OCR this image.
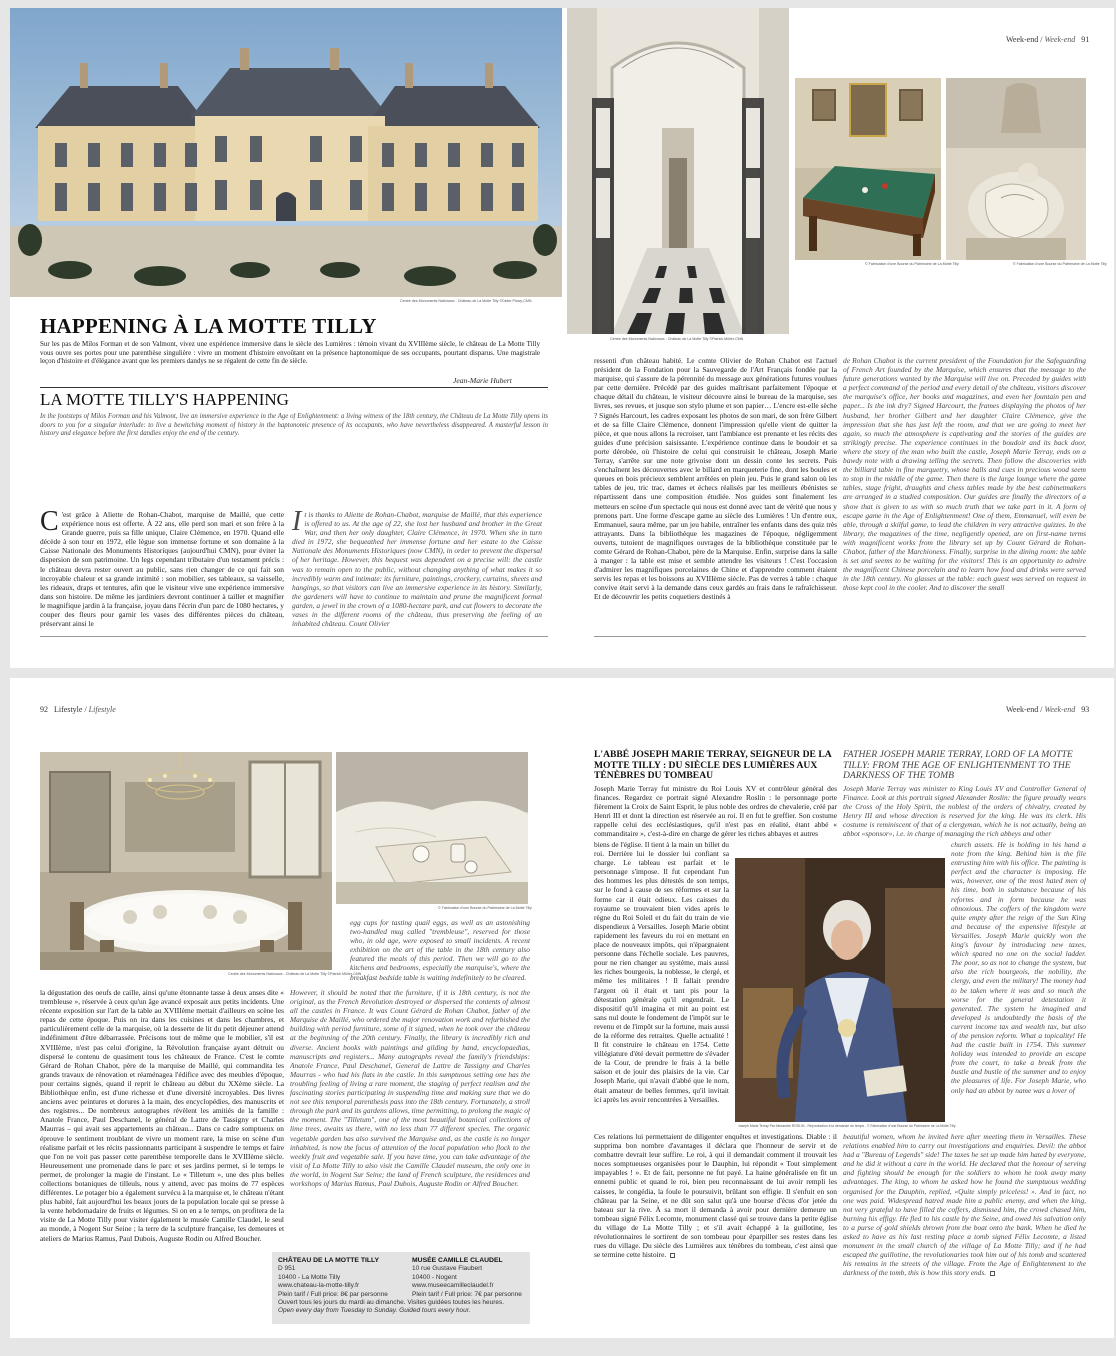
Week-end / Week-end 91
Centre des Monuments Nationaux - Château de La Motte Tilly ©Didier Plowy-CMN
Centre des Monuments Nationaux - Château de La Motte Tilly ©Patrick Müller-CMN
© Fabrication d'une Bourse du Patrimoine de La Motte Tilly	© Fabrication d'une Bourse du Patrimoine de La Motte Tilly
HAPPENING À LA MOTTE TILLY
Sur les pas de Milos Forman et de son Valmont, vivez une expérience immersive dans le siècle des Lumières : témoin vivant du XVIIIème siècle, le château de La Motte Tilly vous ouvre ses portes pour une parenthèse singulière : vivre un moment d'histoire envoûtant en la présence haptonomique de ses occupants, pourtant disparus. Une magistrale leçon d'histoire et d'élégance avant que les premiers dandys ne se régalent de cette fin de siècle.
Jean-Marie Hubert
LA MOTTE TILLY'S HAPPENING
In the footsteps of Milos Forman and his Valmont, live an immersive experience in the Age of Enlightenment: a living witness of the 18th century, the Château de La Motte Tilly opens its doors to you for a singular interlude: to live a bewitching moment of history in the haptonomic presence of its occupants, who have nevertheless disappeared. A masterful lesson in history and elegance before the first dandies enjoy the end of the century.
C 'est grâce à Aliette de Rohan-Chabot, marquise de Maillé, que cette expérience nous est offerte. À 22 ans, elle perd son mari et son frère à la Grande guerre, puis sa fille unique, Claire Clémence, en 1970. Quand elle décède à son tour en 1972, elle lègue son immense fortune et son domaine à la Caisse Nationale des Monuments Historiques (aujourd'hui CMN), pour éviter la dispersion de son patrimoine. Un legs cependant tributaire d'un testament précis : le château devra rester ouvert au public, sans rien changer de ce qui fait son incroyable chaleur et sa grande intimité : son mobilier, ses tableaux, sa vaisselle, les rideaux, draps et tentures, afin que le visiteur vive une expérience immersive dans son histoire. De même les jardiniers devront continuer à tailler et magnifier le magnifique jardin à la française, joyau dans l'écrin d'un parc de 1080 hectares, y couper des fleurs pour garnir les vases des différentes pièces du château, préservant ainsi le
It is thanks to Aliette de Rohan-Chabot, marquise de Maillé, that this experience is offered to us. At the age of 22, she lost her husband and brother in the Great War, and then her only daughter, Claire Clémence, in 1970. When she in turn died in 1972, she bequeathed her immense fortune and her estate to the Caisse Nationale des Monuments Historiques (now CMN), in order to prevent the dispersal of her heritage. However, this bequest was dependent on a precise will: the castle was to remain open to the public, without changing anything of what makes it so incredibly warm and intimate: its furniture, paintings, crockery, curtains, sheets and hangings, so that visitors can live an immersive experience in its history. Similarly, the gardeners will have to continue to maintain and prune the magnificent formal garden, a jewel in the crown of a 1080-hectare park, and cut flowers to decorate the vases in the different rooms of the château, thus preserving the feeling of an inhabited château. Count Olivier
ressenti d'un château habité. Le comte Olivier de Rohan Chabot est l'actuel président de la Fondation pour la Sauvegarde de l'Art Français fondée par la marquise, qui s'assure de la pérennité du message aux générations futures voulues par cette dernière. Précédé par des guides maîtrisant parfaitement l'époque et chaque détail du château, le visiteur découvre ainsi le bureau de la marquise, ses livres, ses revues, et jusque son stylo plume et son papier… L'encre est-elle sèche ? Signés Harcourt, les cadres exposant les photos de son mari, de son frère Gilbert et de sa fille Claire Clémence, donnent l'impression qu'elle vient de quitter la pièce, et que nous allons la recroiser, tant l'ambiance est prenante et les récits des guides d'une précision saisissante. L'expérience continue dans le boudoir et sa porte dérobée, où l'histoire de celui qui construisit le château, Joseph Marie Terray, s'arrête sur une note grivoise dont un dessin conte les secrets. Puis s'enchaînent les découvertes avec le billard en marqueterie fine, dont les boules et queues en bois précieux semblent arrêtées en plein jeu. Puis le grand salon où les tables de jeu, tric trac, dames et échecs réalisés par les meilleurs ébénistes se répartissent dans une composition étudiée. Nos guides sont finalement les metteurs en scène d'un spectacle qui nous est donné avec tant de vérité que nous y prenons part. Une forme d'escape game au siècle des Lumières ! Un d'entre eux, Emmanuel, saura même, par un jeu habile, entraîner les enfants dans des quiz très attrayants. Dans la bibliothèque les magazines de l'époque, négligemment ouverts, tutoient de magnifiques ouvrages de la bibliothèque constituée par le comte Gérard de Rohan-Chabot, père de la Marquise. Enfin, surprise dans la salle à manger : la table est mise et semble attendre les visiteurs ! C'est l'occasion d'admirer les magnifiques porcelaines de Chine et d'apprendre comment étaient servis les repas et les boissons au XVIIIème siècle. Pas de verres à table : chaque convive était servi à la demande dans ceux gardés au frais dans le rafraîchisseur. Et de découvrir les petits coquetiers destinés à
de Rohan Chabot is the current president of the Foundation for the Safeguarding of French Art founded by the Marquise, which ensures that the message to the future generations wanted by the Marquise will live on. Preceded by guides with a perfect command of the period and every detail of the château, visitors discover the marquise's office, her books and magazines, and even her fountain pen and paper... Is the ink dry? Signed Harcourt, the frames displaying the photos of her husband, her brother Gilbert and her daughter Claire Clémence, give the impression that she has just left the room, and that we are going to meet her again, so much the atmosphere is captivating and the stories of the guides are strikingly precise. The experience continues in the boudoir and its back door, where the story of the man who built the castle, Joseph Marie Terray, ends on a bawdy note with a drawing telling the secrets. Then follow the discoveries with the billiard table in fine marquetry, whose balls and cues in precious wood seem to stop in the middle of the game. Then there is the large lounge where the game tables, stage fright, draughts and chess tables made by the best cabinetmakers are arranged in a studied composition. Our guides are finally the directors of a show that is given to us with so much truth that we take part in it. A form of escape game in the Age of Enlightenment! One of them, Emmanuel, will even be able, through a skilful game, to lead the children in very attractive quizzes. In the library, the magazines of the time, negligently opened, are on first-name terms with magnificent works from the library set up by Count Gérard de Rohan-Chabot, father of the Marchioness. Finally, surprise in the dining room: the table is set and seems to be waiting for the visitors! This is an opportunity to admire the magnificent Chinese porcelain and to learn how food and drinks were served in the 18th century. No glasses at the table: each guest was served on request in those kept cool in the cooler. And to discover the small
92 Lifestyle / Lifestyle	Week-end / Week-end 93
Centre des Monuments Nationaux - Château de La Motte Tilly ©Patrick Müller-CMN
© Fabrication d'une Bourse du Patrimoine de La Motte Tilly
egg cups for tasting quail eggs, as well as an astonishing two-handled mug called "trembleuse", reserved for those who, in old age, were exposed to small incidents. A recent exhibition on the art of the table in the 18th century also featured the meals of this period. Then we will go to the kitchens and bedrooms, especially the marquise's, where the breakfast bedside table is waiting indefinitely to be cleared.
la dégustation des oeufs de caille, ainsi qu'une étonnante tasse à deux anses dite « trembleuse », réservée à ceux qu'un âge avancé exposait aux petits incidents. Une récente exposition sur l'art de la table au XVIIIème mettait d'ailleurs en scène les repas de cette époque. Puis on ira dans les cuisines et dans les chambres, et particulièrement celle de la marquise, où la desserte de lit du petit déjeuner attend indéfiniment d'être débarrassée. Précisons tout de même que le mobilier, s'il est XVIIIème, n'est pas celui d'origine, la Révolution française ayant détruit ou dispersé le contenu de quasiment tous les châteaux de France. C'est le comte Gérard de Rohan Chabot, père de la marquise de Maillé, qui commandita les grands travaux de rénovation et réaménagea l'édifice avec des meubles d'époque, pour certains signés, quand il reprit le château au début du XXème siècle. La Bibliothèque enfin, est d'une richesse et d'une diversité incroyables. Des livres anciens avec peintures et dorures à la main, des encyclopédies, des manuscrits et des registres... De nombreux autographes révèlent les amitiés de la famille : Anatole France, Paul Deschanel, le général de Lattre de Tassigny et Charles Maurras – qui avait ses appartements au château... Dans ce cadre somptueux on éprouve le sentiment troublant de vivre un moment rare, la mise en scène d'un réalisme parfait et les récits passionnants participant à suspendre le temps et faire que l'on ne voit pas passer cette parenthèse temporelle dans le XVIIIème siècle. Heureusement une promenade dans le parc et ses jardins permet, si le temps le permet, de prolonger la magie de l'instant. Le « Tilletum », une des plus belles collections botaniques de tilleuls, nous y attend, avec pas moins de 77 espèces différentes. Le potager bio a également survécu à la marquise et, le château n'étant plus habité, fait aujourd'hui les beaux jours de la population locale qui se presse à la vente hebdomadaire de fruits et légumes. Si on en a le temps, on profitera de la visite de La Motte Tilly pour visiter également le musée Camille Claudel, le seul au monde, à Nogent Sur Seine ; la terre de la sculpture française, les demeures et ateliers de Marius Ramus, Paul Dubois, Auguste Rodin ou Alfred Boucher.
However, it should be noted that the furniture, if it is 18th century, is not the original, as the French Revolution destroyed or dispersed the contents of almost all the castles in France. It was Count Gérard de Rohan Chabot, father of the Marquise de Maillé, who ordered the major renovation work and refurbished the building with period furniture, some of it signed, when he took over the château at the beginning of the 20th century. Finally, the library is incredibly rich and diverse. Ancient books with paintings and gilding by hand, encyclopaedias, manuscripts and registers... Many autographs reveal the family's friendships: Anatole France, Paul Deschanel, General de Lattre de Tassigny and Charles Maurras - who had his flats in the castle. In this sumptuous setting one has the troubling feeling of living a rare moment, the staging of perfect realism and the fascinating stories participating in suspending time and making sure that we do not see this temporal parenthesis pass into the 18th century. Fortunately, a stroll through the park and its gardens allows, time permitting, to prolong the magic of the moment. The "Tilletum", one of the most beautiful botanical collections of lime trees, awaits us there, with no less than 77 different species. The organic vegetable garden has also survived the Marquise and, as the castle is no longer inhabited, is now the focus of attention of the local population who flock to the weekly fruit and vegetable sale. If you have time, you can take advantage of the visit of La Motte Tilly to also visit the Camille Claudel museum, the only one in the world, in Nogent Sur Seine; the land of French sculpture, the residences and workshops of Marius Ramus, Paul Dubois, Auguste Rodin or Alfred Boucher.
CHÂTEAU DE LA MOTTE TILLY
D 951
10400 - La Motte Tilly
www.chateau-la-motte-tilly.fr
Plein tarif / Full price: 8€ par personne
MUSÉE CAMILLE CLAUDEL
10 rue Gustave Flaubert
10400 - Nogent
www.museecamilleclaudel.fr
Plein tarif / Full price: 7€ par personne
Ouvert tous les jours du mardi au dimanche. Visites guidées toutes les heures.
Open every day from Tuesday to Sunday. Guided tours every hour.
L'ABBÉ JOSEPH MARIE TERRAY, SEIGNEUR DE LA MOTTE TILLY : DU SIÈCLE DES LUMIÈRES AUX TÉNÈBRES DU TOMBEAU
FATHER JOSEPH MARIE TERRAY, LORD OF LA MOTTE TILLY: FROM THE AGE OF ENLIGHTENMENT TO THE DARKNESS OF THE TOMB
Joseph Marie Terray fut ministre du Roi Louis XV et contrôleur général des finances. Regardez ce portrait signé Alexandre Roslin : le personnage porte fièrement la Croix de Saint Esprit, le plus noble des ordres de chevalerie, créé par Henri III et dont la direction est réservée au roi. Il en fut le greffier. Son costume rappelle celui des ecclésiastiques, qu'il n'est pas en réalité, étant abbé « commanditaire », c'est-à-dire en charge de gérer les riches abbayes et autres
Joseph Marie Terray was minister to King Louis XV and Controller General of Finance. Look at this portrait signed Alexander Roslin: the figure proudly wears the Cross of the Holy Spirit, the noblest of the orders of chivalry, created by Henry III and whose direction is reserved for the king. He was its clerk. His costume is reminiscent of that of a clergyman, which he is not actually, being an abbot «sponsor», i.e. in charge of managing the rich abbeys and other
biens de l'église. Il tient à la main un billet du roi. Derrière lui le dossier lui confiant sa charge. Le tableau est parfait et le personnage s'impose. Il fut cependant l'un des hommes les plus détestés de son temps, sur le fond à cause de ses réformes et sur la forme car il était odieux. Les caisses du royaume se trouvaient bien vides après le règne du Roi Soleil et du fait du train de vie dispendieux à Versailles. Joseph Marie obtint rapidement les faveurs du roi en mettant en place de nouveaux impôts, qui n'épargnaient personne dans l'échelle sociale. Les pauvres, pour ne rien changer au système, mais aussi les riches bourgeois, la noblesse, le clergé, et même les militaires ! Il fallait prendre l'argent où il était et tant pis pour la détestation générale qu'il engendrait. Le dispositif qu'il imagina et mit au point est sans nul doute le fondement de l'impôt sur le revenu et de l'impôt sur la fortune, mais aussi de la réforme des retraites. Quelle actualité ! Il fit construire le château en 1754. Cette villégiature d'été devait permettre de s'évader de la Cour, de prendre le frais à la belle saison et de jouir des plaisirs de la vie. Car Joseph Marie, qui n'avait d'abbé que le nom, était amateur de belles femmes, qu'il invitait ici après les avoir rencontrées à Versailles.
Joseph Marie Terray Par Alexandre ROSLIN - Reproduction à la demande du temps - © Fabrication d'une Bourse du Patrimoine de La Motte Tilly
church assets. He is holding in his hand a note from the king. Behind him is the file entrusting him with his office. The painting is perfect and the character is imposing. He was, however, one of the most hated men of his time, both in substance because of his reforms and in form because he was obnoxious. The coffers of the kingdom were quite empty after the reign of the Sun King and because of the expensive lifestyle at Versailles. Joseph Marie quickly won the king's favour by introducing new taxes, which spared no one on the social ladder. The poor, so as not to change the system, but also the rich bourgeois, the nobility, the clergy, and even the military! The money had to be taken where it was and so much the worse for the general detestation it generated. The system he imagined and developed is undoubtedly the basis of the current income tax and wealth tax, but also of the pension reform. What a topicality! He had the castle built in 1754. This summer holiday was intended to provide an escape from the court, to take a break from the bustle and bustle of the summer and to enjoy the pleasures of life. For Joseph Marie, who only had an abbot by name was a lover of
Ces relations lui permettaient de diligenter enquêtes et investigations. Diable : il supprima bon nombre d'avantages il déclara que l'honneur de servir et de combattre devrait leur suffire. Le roi, à qui il demandait comment il trouvait les noces somptueuses organisées pour le Dauphin, lui répondit « Tout simplement impayables ! ». Et de fait, personne ne fut payé. La haine généralisée en fit un ennemi public et quand le roi, bien peu reconnaissant de lui avoir rempli les caisses, le congédia, la foule le poursuivit, brûlant son effigie. Il s'enfuit en son château par la Seine, et ne dût son salut qu'à une bourse d'écus d'or jetée du bateau sur la rive. À sa mort il demanda à avoir pour dernière demeure un tombeau signé Félix Lecomte, monument classé qui se trouve dans la petite église du village de La Motte Tilly ; et s'il avait échappé à la guillotine, les révolutionnaires le sortirent de son tombeau pour éparpiller ses restes dans les rues du village. Du siècle des Lumières aux ténèbres du tombeau, c'est ainsi que se termine cette histoire.
beautiful women, whom he invited here after meeting them in Versailles. These relations enabled him to carry out investigations and enquiries. Devil: the abbot had a "Bureau of Legends" side! The taxes he set up made him hated by everyone, and he did it without a care in the world. He declared that the honour of serving and fighting should be enough for the soldiers to whom he took away many advantages. The king, to whom he asked how he found the sumptuous wedding organised for the Dauphin, replied, «Quite simply priceless! ». And in fact, no one was paid. Widespread hatred made him a public enemy, and when the king, not very grateful to have filled the coffers, dismissed him, the crowd chased him, burning his effigy. He fled to his castle by the Seine, and owed his salvation only to a purse of gold shields thrown from the boat onto the bank. When he died he asked to have as his last resting place a tomb signed Félix Lecomte, a listed monument in the small church of the village of La Motte Tilly; and if he had escaped the guillotine, the revolutionaries took him out of his tomb and scattered his remains in the streets of the village. From the Age of Enlightenment to the darkness of the tomb, this is how this story ends.
